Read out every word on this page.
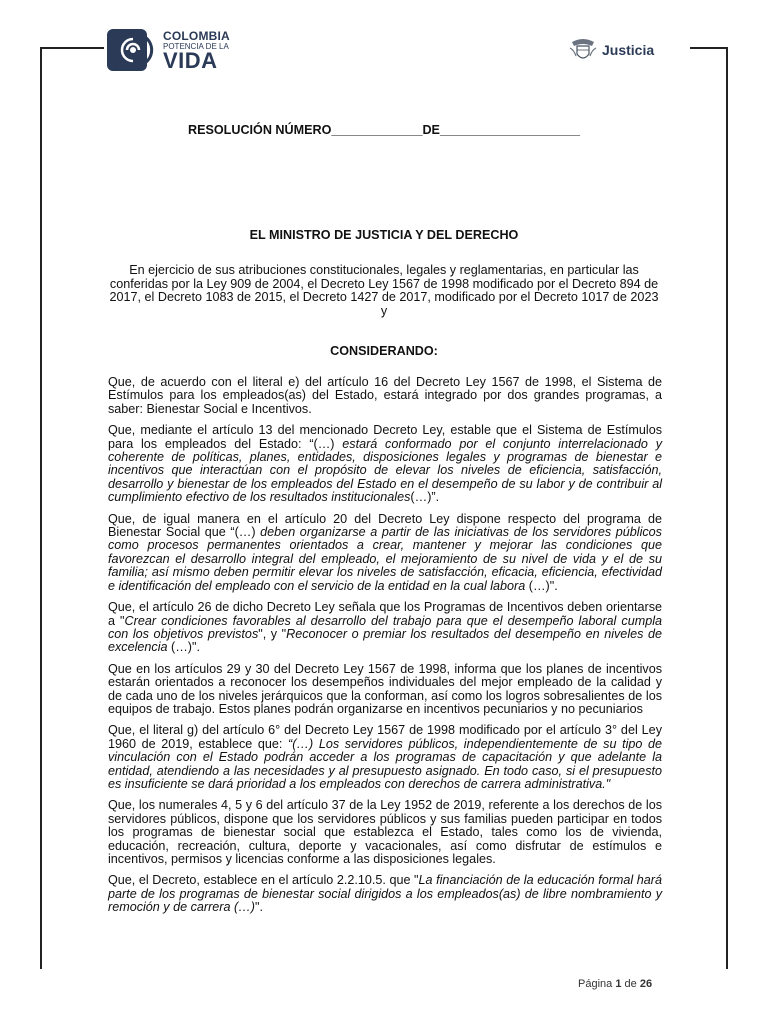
COLOMBIA
POTENCIA DE LA
VIDA	Justicia
RESOLUCIÓN NÚMERO_____________DE____________________
EL MINISTRO DE JUSTICIA Y DEL DERECHO
En ejercicio de sus atribuciones constitucionales, legales y reglamentarias, en particular las conferidas por la Ley 909 de 2004, el Decreto Ley 1567 de 1998 modificado por el Decreto 894 de 2017, el Decreto 1083 de 2015, el Decreto 1427 de 2017, modificado por el Decreto 1017 de 2023 y
CONSIDERANDO:

Que, de acuerdo con el literal e) del artículo 16 del Decreto Ley 1567 de 1998, el Sistema de Estímulos para los empleados(as) del Estado, estará integrado por dos grandes programas, a saber: Bienestar Social e Incentivos.

Que, mediante el artículo 13 del mencionado Decreto Ley, estable que el Sistema de Estímulos para los empleados del Estado: “(…) estará conformado por el conjunto interrelacionado y coherente de políticas, planes, entidades, disposiciones legales y programas de bienestar e incentivos que interactúan con el propósito de elevar los niveles de eficiencia, satisfacción, desarrollo y bienestar de los empleados del Estado en el desempeño de su labor y de contribuir al cumplimiento efectivo de los resultados institucionales(…)”.

Que, de igual manera en el artículo 20 del Decreto Ley dispone respecto del programa de Bienestar Social que “(…) deben organizarse a partir de las iniciativas de los servidores públicos como procesos permanentes orientados a crear, mantener y mejorar las condiciones que favorezcan el desarrollo integral del empleado, el mejoramiento de su nivel de vida y el de su familia; así mismo deben permitir elevar los niveles de satisfacción, eficacia, eficiencia, efectividad e identificación del empleado con el servicio de la entidad en la cual labora (…)".

Que, el artículo 26 de dicho Decreto Ley señala que los Programas de Incentivos deben orientarse a "Crear condiciones favorables al desarrollo del trabajo para que el desempeño laboral cumpla con los objetivos previstos", y "Reconocer o premiar los resultados del desempeño en niveles de excelencia (…)".

Que en los artículos 29 y 30 del Decreto Ley 1567 de 1998, informa que los planes de incentivos estarán orientados a reconocer los desempeños individuales del mejor empleado de la calidad y de cada uno de los niveles jerárquicos que la conforman, así como los logros sobresalientes de los equipos de trabajo. Estos planes podrán organizarse en incentivos pecuniarios y no pecuniarios

Que, el literal g) del artículo 6° del Decreto Ley 1567 de 1998 modificado por el artículo 3° del Ley 1960 de 2019, establece que: “(…) Los servidores públicos, independientemente de su tipo de vinculación con el Estado podrán acceder a los programas de capacitación y que adelante la entidad, atendiendo a las necesidades y al presupuesto asignado. En todo caso, si el presupuesto es insuficiente se dará prioridad a los empleados con derechos de carrera administrativa."

Que, los numerales 4, 5 y 6 del artículo 37 de la Ley 1952 de 2019, referente a los derechos de los servidores públicos, dispone que los servidores públicos y sus familias pueden participar en todos los programas de bienestar social que establezca el Estado, tales como los de vivienda, educación, recreación, cultura, deporte y vacacionales, así como disfrutar de estímulos e incentivos, permisos y licencias conforme a las disposiciones legales.

Que, el Decreto, establece en el artículo 2.2.10.5. que "La financiación de la educación formal hará parte de los programas de bienestar social dirigidos a los empleados(as) de libre nombramiento y remoción y de carrera (…)".

Página 1 de 26
